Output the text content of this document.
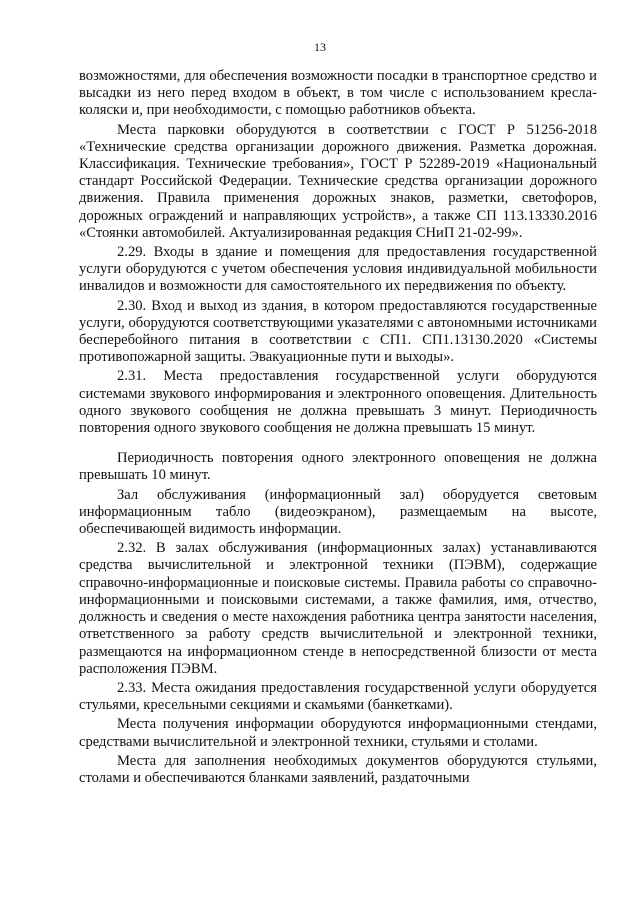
13

возможностями, для обеспечения возможности посадки в транспортное средство и высадки из него перед входом в объект, в том числе с использованием кресла-коляски и, при необходимости, с помощью работников объекта.

Места парковки оборудуются в соответствии с ГОСТ Р 51256-2018 «Технические средства организации дорожного движения. Разметка дорожная. Классификация. Технические требования», ГОСТ Р 52289-2019 «Национальный стандарт Российской Федерации. Технические средства организации дорожного движения. Правила применения дорожных знаков, разметки, светофоров, дорожных ограждений и направляющих устройств», а также СП 113.13330.2016 «Стоянки автомобилей. Актуализированная редакция СНиП 21-02-99».

2.29. Входы в здание и помещения для предоставления государственной услуги оборудуются с учетом обеспечения условия индивидуальной мобильности инвалидов и возможности для самостоятельного их передвижения по объекту.

2.30. Вход и выход из здания, в котором предоставляются государственные услуги, оборудуются соответствующими указателями с автономными источниками бесперебойного питания в соответствии с СП1. СП1.13130.2020 «Системы противопожарной защиты. Эвакуационные пути и выходы».

2.31. Места предоставления государственной услуги оборудуются системами звукового информирования и электронного оповещения. Длительность одного звукового сообщения не должна превышать 3 минут. Периодичность повторения одного звукового сообщения не должна превышать 15 минут.

Периодичность повторения одного электронного оповещения не должна превышать 10 минут.

Зал обслуживания (информационный зал) оборудуется световым информационным табло (видеоэкраном), размещаемым на высоте, обеспечивающей видимость информации.

2.32. В залах обслуживания (информационных залах) устанавливаются средства вычислительной и электронной техники (ПЭВМ), содержащие справочно-информационные и поисковые системы. Правила работы со справочно-информационными и поисковыми системами, а также фамилия, имя, отчество, должность и сведения о месте нахождения работника центра занятости населения, ответственного за работу средств вычислительной и электронной техники, размещаются на информационном стенде в непосредственной близости от места расположения ПЭВМ.

2.33. Места ожидания предоставления государственной услуги оборудуется стульями, кресельными секциями и скамьями (банкетками).

Места получения информации оборудуются информационными стендами, средствами вычислительной и электронной техники, стульями и столами.

Места для заполнения необходимых документов оборудуются стульями, столами и обеспечиваются бланками заявлений, раздаточными
